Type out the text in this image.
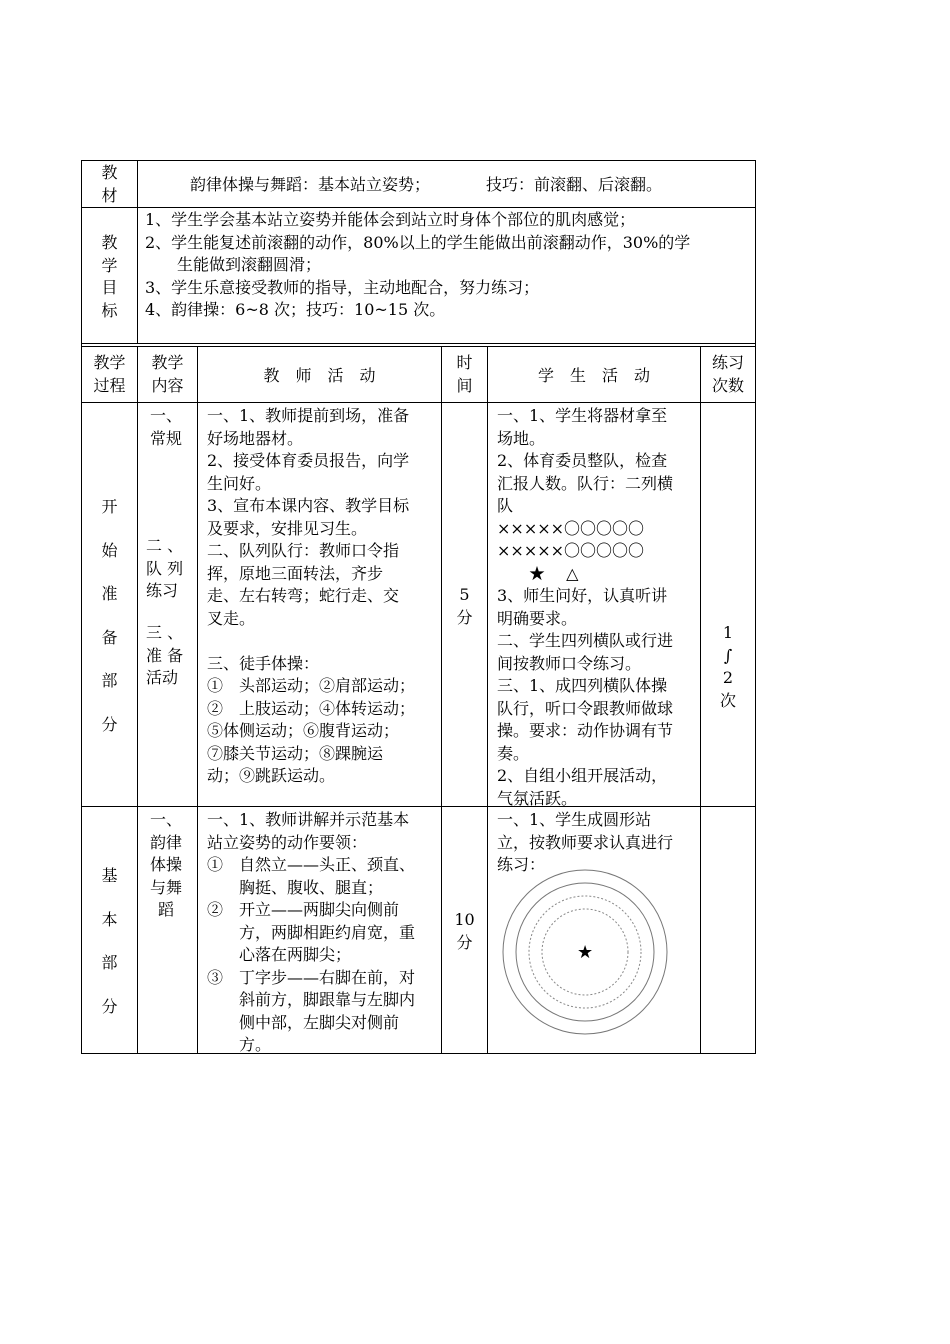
教
材
韵律体操与舞蹈：基本站立姿势；　　　　技巧：前滚翻、后滚翻。
教
学
目
标
1、学生学会基本站立姿势并能体会到站立时身体个部位的肌肉感觉；
2、学生能复述前滚翻的动作，80%以上的学生能做出前滚翻动作，30%的学
　　生能做到滚翻圆滑；
3、学生乐意接受教师的指导，主动地配合，努力练习；
4、韵律操：6~8 次；技巧：10~15 次。
教学
过程
教学
内容	教　师　活　动
时
间	学　生　活　动
练习
次数
开
始
准
备
部
分
一、
常规
二 、
队 列
练习
三 、
准 备
活动
一、1、教师提前到场，准备
好场地器材。
2、接受体育委员报告，向学
生问好。
3、宣布本课内容、教学目标
及要求，安排见习生。
二、队列队行：教师口令指
挥，原地三面转法，齐步
走、左右转弯；蛇行走、交
叉走。
三、徒手体操：
①　头部运动；②肩部运动；
②　上肢运动；④体转运动；
⑤体侧运动；⑥腹背运动；
⑦膝关节运动；⑧踝腕运
动；⑨跳跃运动。
5
分
一、1、学生将器材拿至
场地。
2、体育委员整队，检查
汇报人数。队行：二列横
队
×××××〇〇〇〇〇
×××××〇〇〇〇〇
　　★　 △
3、师生问好，认真听讲
明确要求。
二、学生四列横队或行进
间按教师口令练习。
三、1、成四列横队体操
队行，听口令跟教师做球
操。要求：动作协调有节
奏。
2、自组小组开展活动，
气氛活跃。
1
∫
2
次
基
本
部
分
一、
韵律
体操
与舞
蹈
一、1、教师讲解并示范基本
站立姿势的动作要领：
①　自然立——头正、颈直、
　　胸挺、腹收、腿直；
②　开立——两脚尖向侧前
　　方，两脚相距约肩宽，重
　　心落在两脚尖；
③　丁字步——右脚在前，对
　　斜前方，脚跟靠与左脚内
　　侧中部，左脚尖对侧前
　　方。
10
分
一、1、学生成圆形站
立，按教师要求认真进行
练习：
★
